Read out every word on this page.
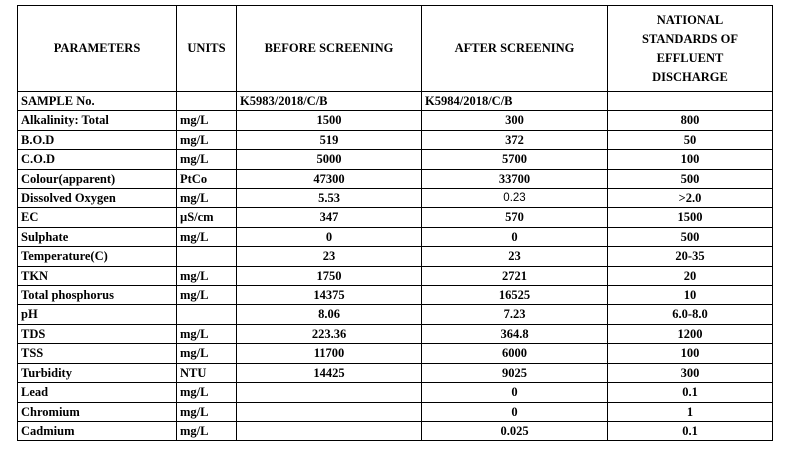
PARAMETERS	UNITS	BEFORE SCREENING	AFTER SCREENING	NATIONAL STANDARDS OF EFFLUENT DISCHARGE
SAMPLE No.		K5983/2018/C/B	K5984/2018/C/B	
Alkalinity: Total	mg/L	1500	300	800
B.O.D	mg/L	519	372	50
C.O.D	mg/L	5000	5700	100
Colour(apparent)	PtCo	47300	33700	500
Dissolved Oxygen	mg/L	5.53	0.23	>2.0
EC	µS/cm	347	570	1500
Sulphate	mg/L	0	0	500
Temperature(C)		23	23	20-35
TKN	mg/L	1750	2721	20
Total phosphorus	mg/L	14375	16525	10
pH		8.06	7.23	6.0-8.0
TDS	mg/L	223.36	364.8	1200
TSS	mg/L	11700	6000	100
Turbidity	NTU	14425	9025	300
Lead	mg/L		0	0.1
Chromium	mg/L		0	1
Cadmium	mg/L		0.025	0.1
